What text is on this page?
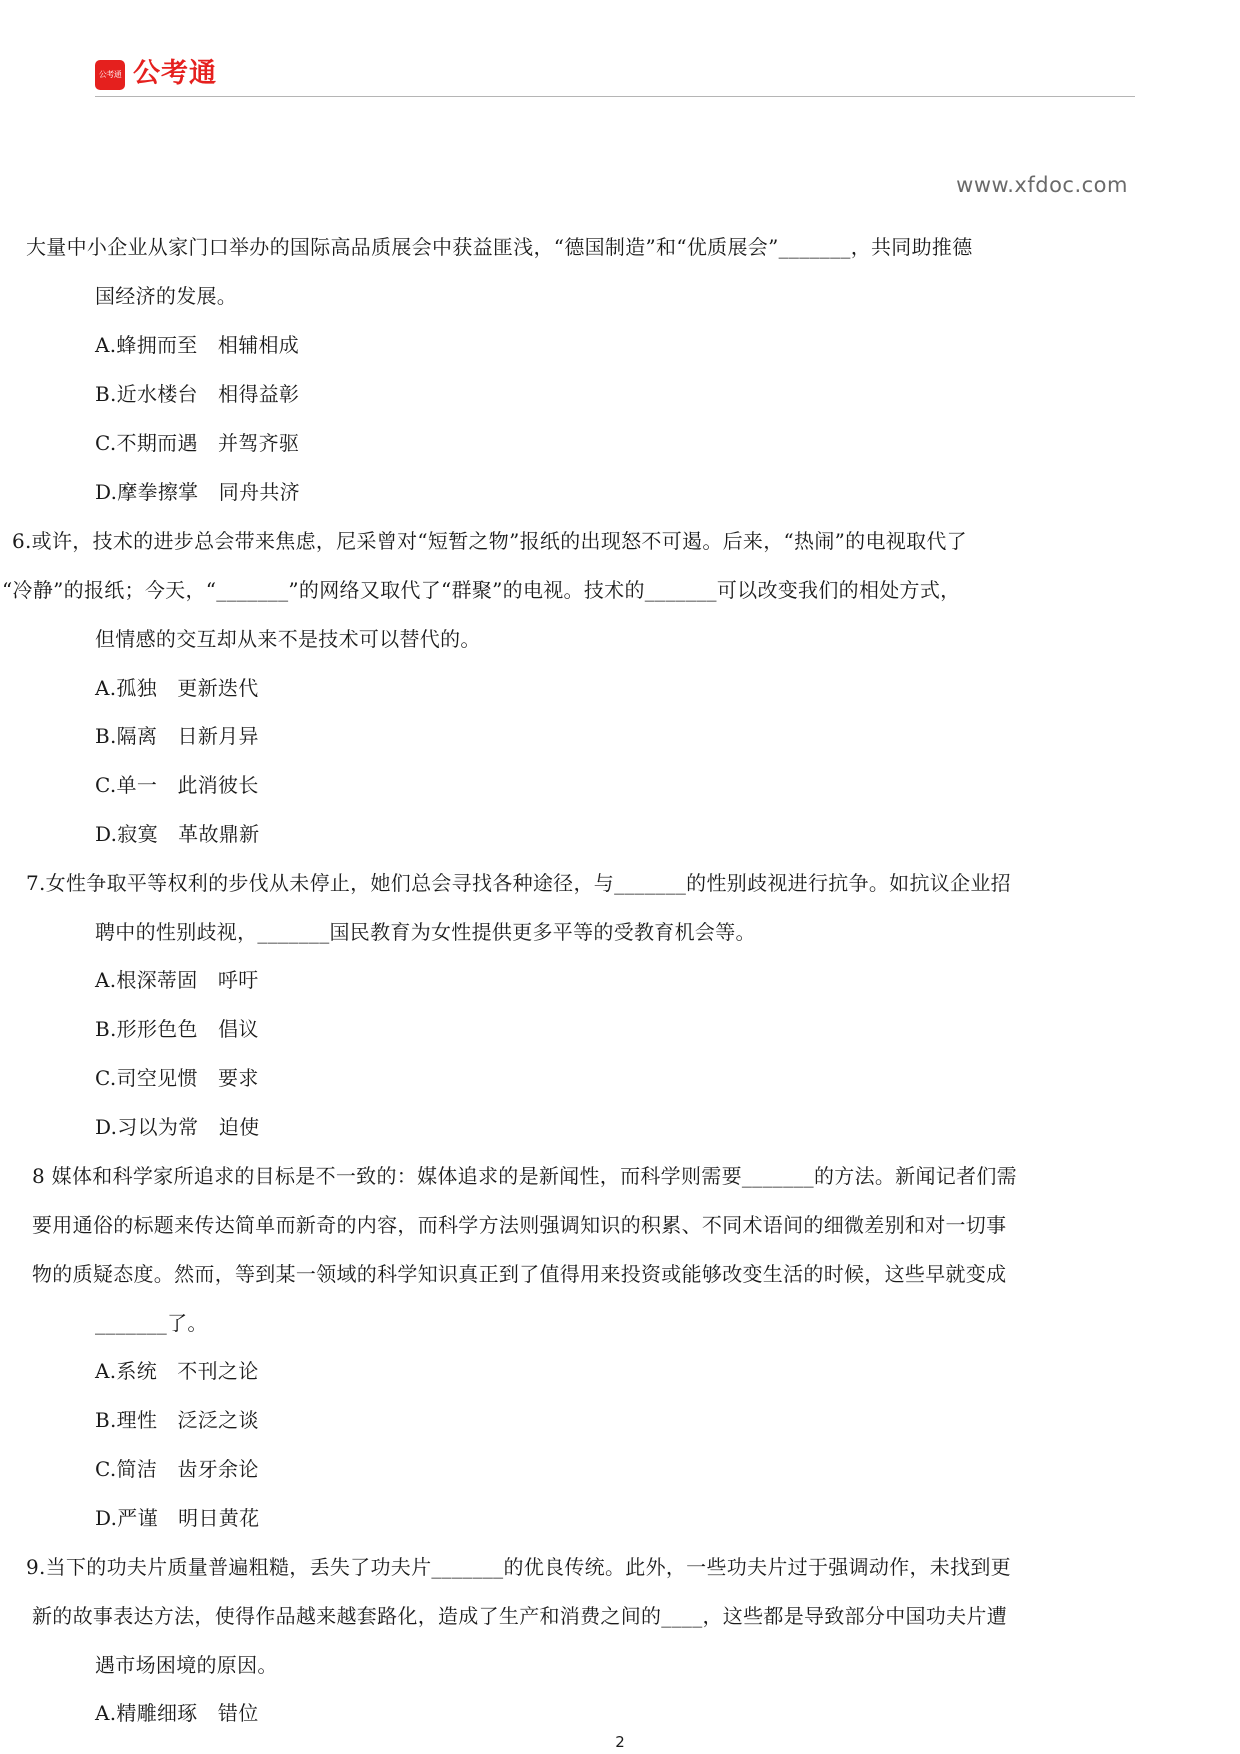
公考通 公考通
www.xfdoc.com
大量中小企业从家门口举办的国际高品质展会中获益匪浅，“德国制造”和“优质展会”_______，共同助推德
国经济的发展。
A.蜂拥而至　相辅相成
B.近水楼台　相得益彰
C.不期而遇　并驾齐驱
D.摩拳擦掌　同舟共济
6.或许，技术的进步总会带来焦虑，尼采曾对“短暂之物”报纸的出现怒不可遏。后来，“热闹”的电视取代了
“冷静”的报纸；今天，“_______”的网络又取代了“群聚”的电视。技术的_______可以改变我们的相处方式，
但情感的交互却从来不是技术可以替代的。
A.孤独　更新迭代
B.隔离　日新月异
C.单一　此消彼长
D.寂寞　革故鼎新
7.女性争取平等权利的步伐从未停止，她们总会寻找各种途径，与_______的性别歧视进行抗争。如抗议企业招
聘中的性别歧视，_______国民教育为女性提供更多平等的受教育机会等。
A.根深蒂固　呼吁
B.形形色色　倡议
C.司空见惯　要求
D.习以为常　迫使
8 媒体和科学家所追求的目标是不一致的：媒体追求的是新闻性，而科学则需要_______的方法。新闻记者们需
要用通俗的标题来传达简单而新奇的内容，而科学方法则强调知识的积累、不同术语间的细微差别和对一切事
物的质疑态度。然而，等到某一领域的科学知识真正到了值得用来投资或能够改变生活的时候，这些早就变成
_______了。
A.系统　不刊之论
B.理性　泛泛之谈
C.简洁　齿牙余论
D.严谨　明日黄花
9.当下的功夫片质量普遍粗糙，丢失了功夫片_______的优良传统。此外，一些功夫片过于强调动作，未找到更
新的故事表达方法，使得作品越来越套路化，造成了生产和消费之间的____，这些都是导致部分中国功夫片遭
遇市场困境的原因。
A.精雕细琢　错位
2
